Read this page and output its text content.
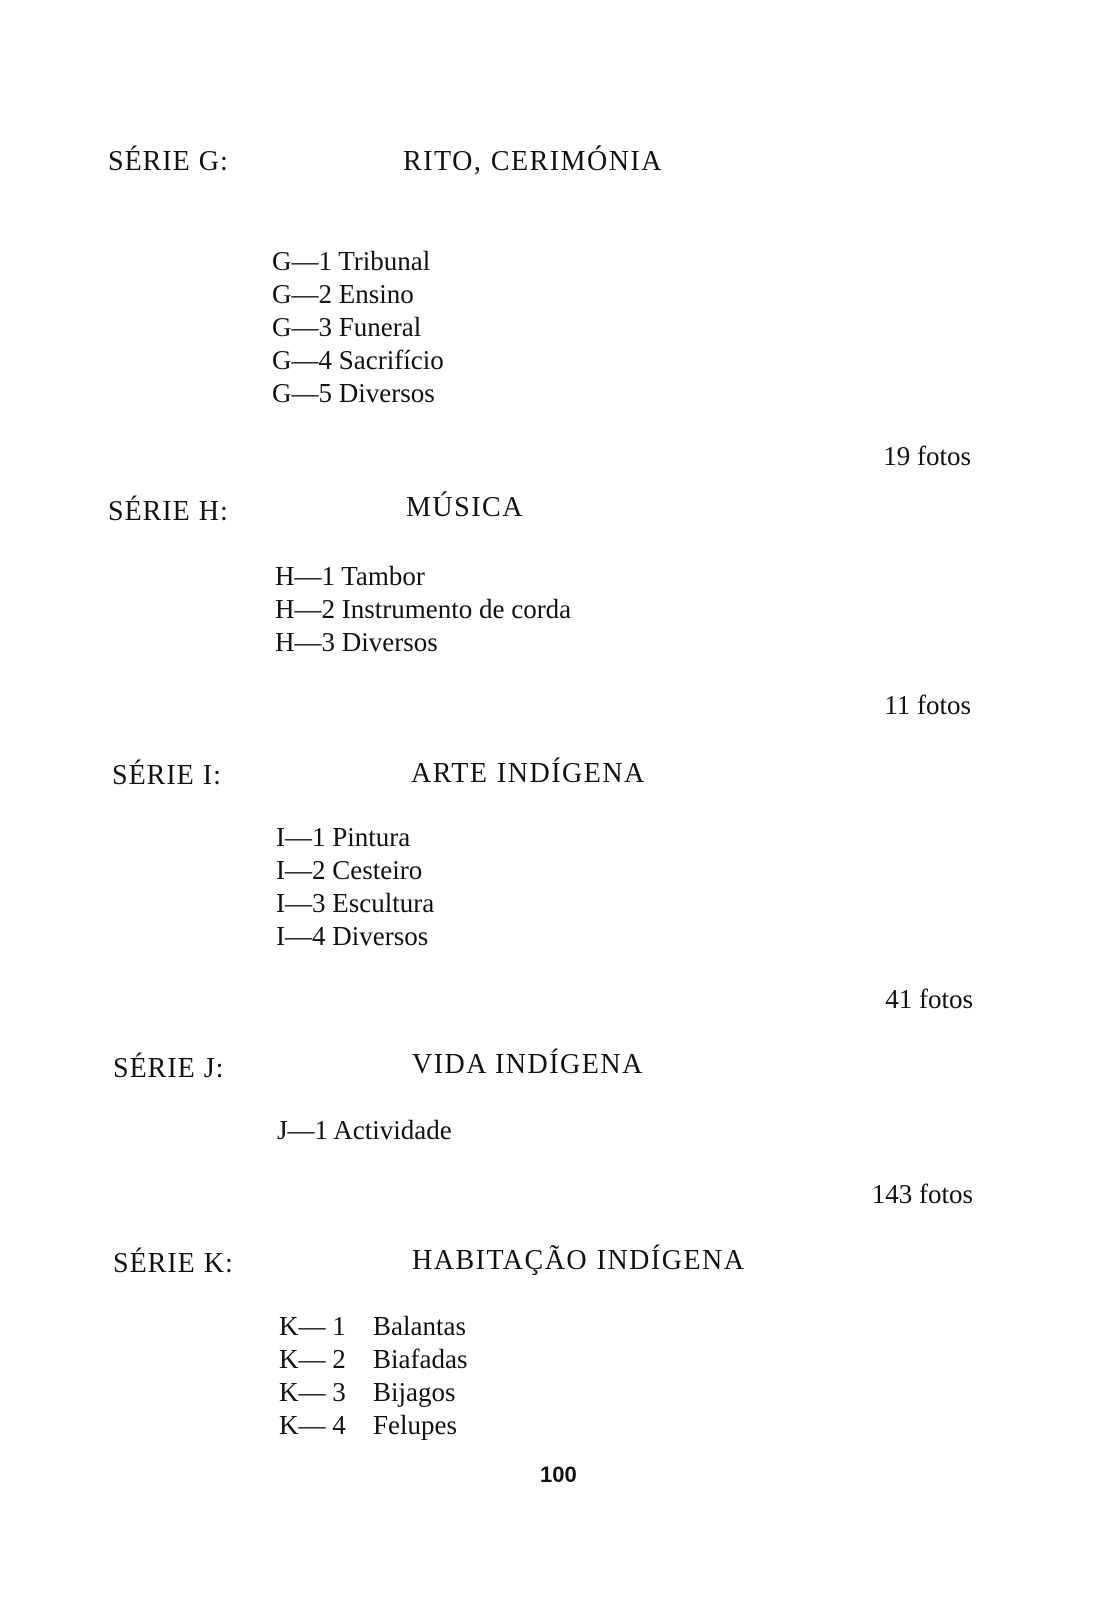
SÉRIE G:	RITO, CERIMÓNIA
G—1 Tribunal
G—2 Ensino
G—3 Funeral
G—4 Sacrifício
G—5 Diversos
19 fotos
SÉRIE H:	MÚSICA
H—1 Tambor
H—2 Instrumento de corda
H—3 Diversos
11 fotos
SÉRIE I:	ARTE INDÍGENA
I—1 Pintura
I—2 Cesteiro
I—3 Escultura
I—4 Diversos
41 fotos
SÉRIE J:	VIDA INDÍGENA
J—1 Actividade
143 fotos
SÉRIE K:	HABITAÇÃO INDÍGENA
K— 1 Balantas
K— 2 Biafadas
K— 3 Bijagos
K— 4 Felupes
100
